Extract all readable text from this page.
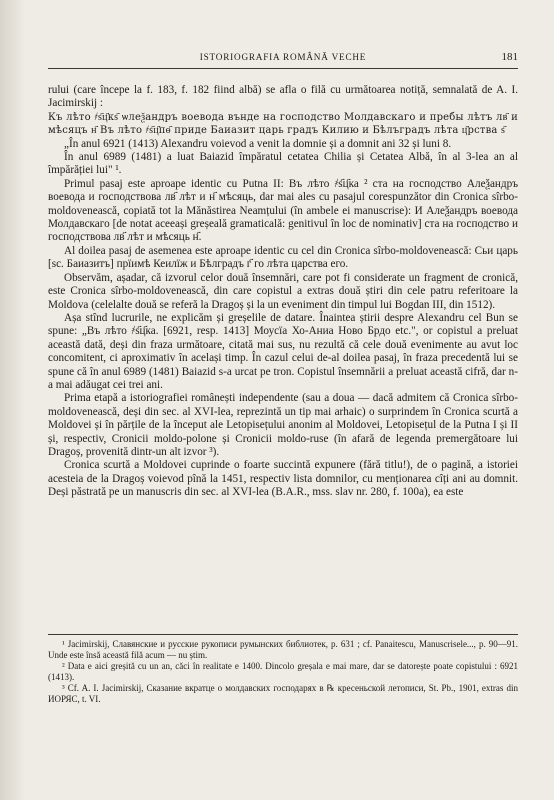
ISTORIOGRAFIA ROMÂNĂ VECHE	181

rului (care începe la f. 183, f. 182 fiind albă) se afla o filă cu următoarea notiță, semnalată de A. I. Jacimirskij :

Къ лѣто ҂ѕ҃ц҃кѕ҃ ѡлеѯандръ воевода вънде на господство Молдавскаго и пребы лѣтъ лв҃ и мѣсяцъ н҃ Въ лѣто ҂ѕ҃ц҃пѳ҃ приде Баиазит царь градъ Килию и Бѣлъградъ лѣта ц҃рства ѕ҃

„În anul 6921 (1413) Alexandru voievod a venit la domnie și a domnit ani 32 și luni 8.

În anul 6989 (1481) a luat Baiazid împăratul cetatea Chilia și Cetatea Albă, în al 3-lea an al împărăției lui" ¹.

Primul pasaj este aproape identic cu Putna II: Въ лѣто ҂ѕ҃ц҃ка ² ста на господство Алеѯандръ воевода и господствова лв҃ лѣт и н҃ мѣсяць, dar mai ales cu pasajul corespunzător din Cronica sîrbo-moldovenească, copiată tot la Mănăstirea Neamțului (în ambele ei manuscrise): И Алеѯандръ воевода Молдавскаго [de notat aceeași greșeală gramaticală: genitivul în loc de nominativ] ста на господство и господствова лв҃ лѣт и мѣсяць н҃.

Al doilea pasaj de asemenea este aproape identic cu cel din Cronica sîrbo-moldovenească: Сьи царь [sc. Баиазитъ] прїимѣ Кеилїж и Бѣлградъ г҃ го лѣта царства его.

Observăm, așadar, că izvorul celor două însemnări, care pot fi considerate un fragment de cronică, este Cronica sîrbo-moldovenească, din care copistul a extras două știri din cele patru referitoare la Moldova (celelalte două se referă la Dragoș și la un eveniment din timpul lui Bogdan III, din 1512).

Așa stînd lucrurile, ne explicăm și greșelile de datare. Înaintea știrii despre Alexandru cel Bun se spune: „Въ лѣто ҂ѕ҃ц҃ка. [6921, resp. 1413] Моусїа Хо-Аниа Ново Брдо etc.", or copistul a preluat această dată, deși din fraza următoare, citată mai sus, nu rezultă că cele două evenimente au avut loc concomitent, ci aproximativ în același timp. În cazul celui de-al doilea pasaj, în fraza precedentă lui se spune că în anul 6989 (1481) Baiazid s-a urcat pe tron. Copistul însemnării a preluat această cifră, dar n-a mai adăugat cei trei ani.

Prima etapă a istoriografiei românești independente (sau a doua — dacă admitem că Cronica sîrbo-moldovenească, deși din sec. al XVI-lea, reprezintă un tip mai arhaic) o surprindem în Cronica scurtă a Moldovei și în părțile de la început ale Letopisețului anonim al Moldovei, Letopisețul de la Putna I și II și, respectiv, Cronicii moldo-polone și Cronicii moldo-ruse (în afară de legenda premergătoare lui Dragoș, provenită dintr-un alt izvor ³).

Cronica scurtă a Moldovei cuprinde o foarte succintă expunere (fără titlu!), de o pagină, a istoriei acesteia de la Dragoș voievod pînă la 1451, respectiv lista domnilor, cu menționarea cîți ani au domnit. Deși păstrată pe un manuscris din sec. al XVI-lea (B.A.R., mss. slav nr. 280, f. 100a), ea este

¹ Jacimirskij, Славянские и русские рукописи румынских библиотек, p. 631 ; cf. Panaitescu, Manuscrisele..., p. 90—91. Unde este însă această filă acum — nu știm.

² Data e aici greșită cu un an, căci în realitate e 1400. Dincolo greșala e mai mare, dar se datorește poate copistului : 6921 (1413).

³ Cf. A. I. Jacimirskij, Сказание вкратце о молдавских господарях в ℞ кресеньской летописи, St. Pb., 1901, extras din ИОРЯС, t. VI.
